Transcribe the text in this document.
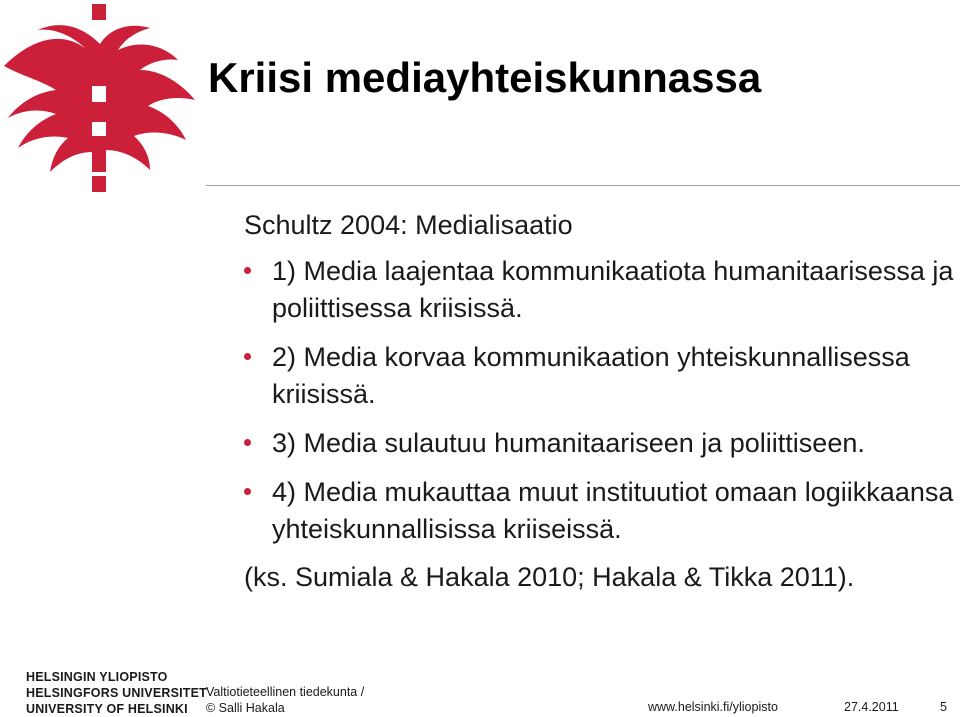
Kriisi mediayhteiskunnassa

Schultz 2004: Medialisaatio

1) Media laajentaa kommunikaatiota humanitaarisessa ja poliittisessa kriisissä.
2) Media korvaa kommunikaation yhteiskunnallisessa kriisissä.
3) Media sulautuu humanitaariseen ja poliittiseen.
4) Media mukauttaa muut instituutiot omaan logiikkaansa yhteiskunnallisissa kriiseissä.

(ks. Sumiala & Hakala 2010; Hakala & Tikka 2011).

HELSINGIN YLIOPISTO
HELSINGFORS UNIVERSITET
UNIVERSITY OF HELSINKI
Valtiotieteellinen tiedekunta /
© Salli Hakala	www.helsinki.fi/yliopisto	27.4.2011	5
